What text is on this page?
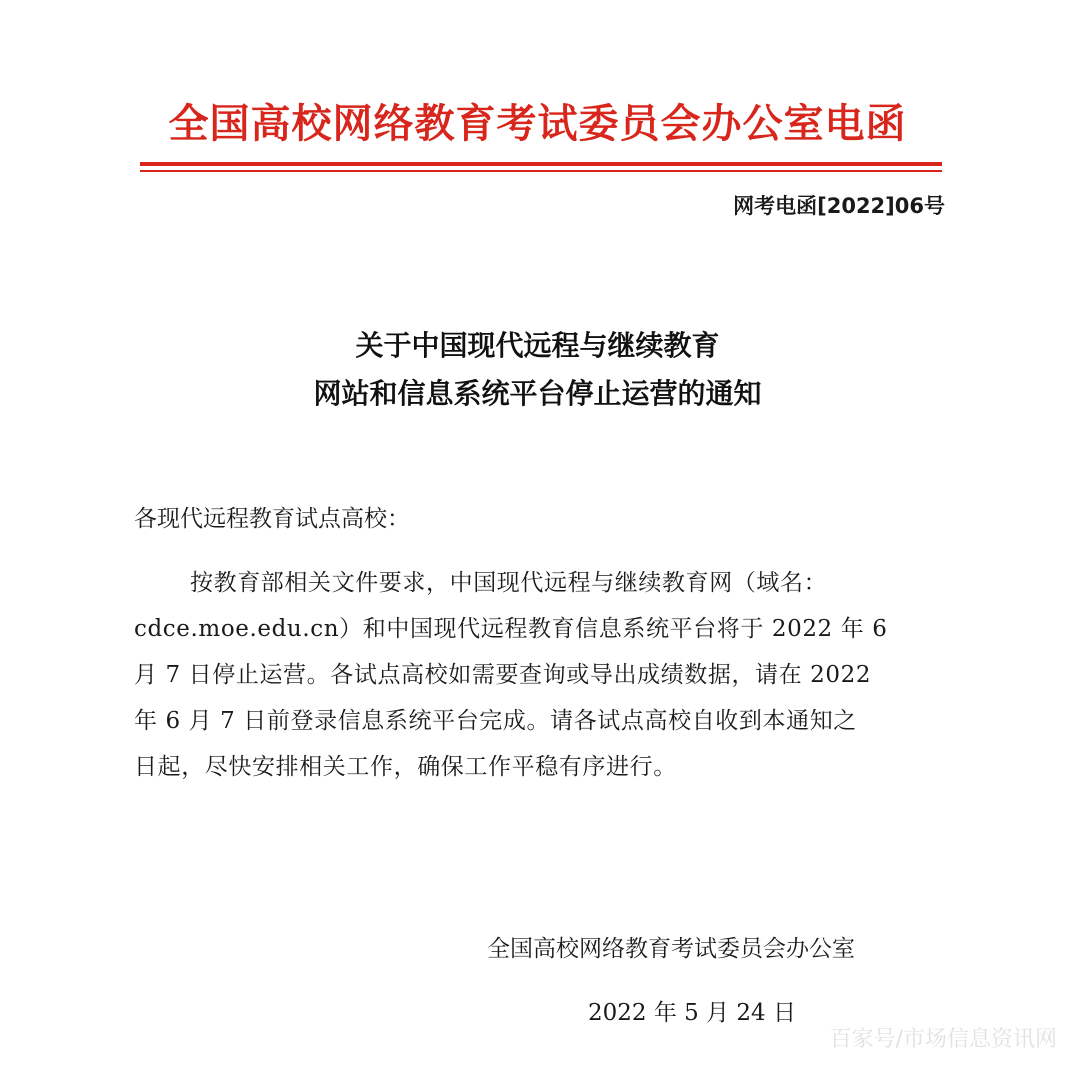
全国高校网络教育考试委员会办公室电函
网考电函[2022]06号
关于中国现代远程与继续教育
网站和信息系统平台停止运营的通知
各现代远程教育试点高校：
按教育部相关文件要求，中国现代远程与继续教育网（域名：
cdce.moe.edu.cn）和中国现代远程教育信息系统平台将于 2022 年 6
月 7 日停止运营。各试点高校如需要查询或导出成绩数据，请在 2022
年 6 月 7 日前登录信息系统平台完成。请各试点高校自收到本通知之
日起，尽快安排相关工作，确保工作平稳有序进行。
全国高校网络教育考试委员会办公室
2022 年 5 月 24 日
百家号/市场信息资讯网
